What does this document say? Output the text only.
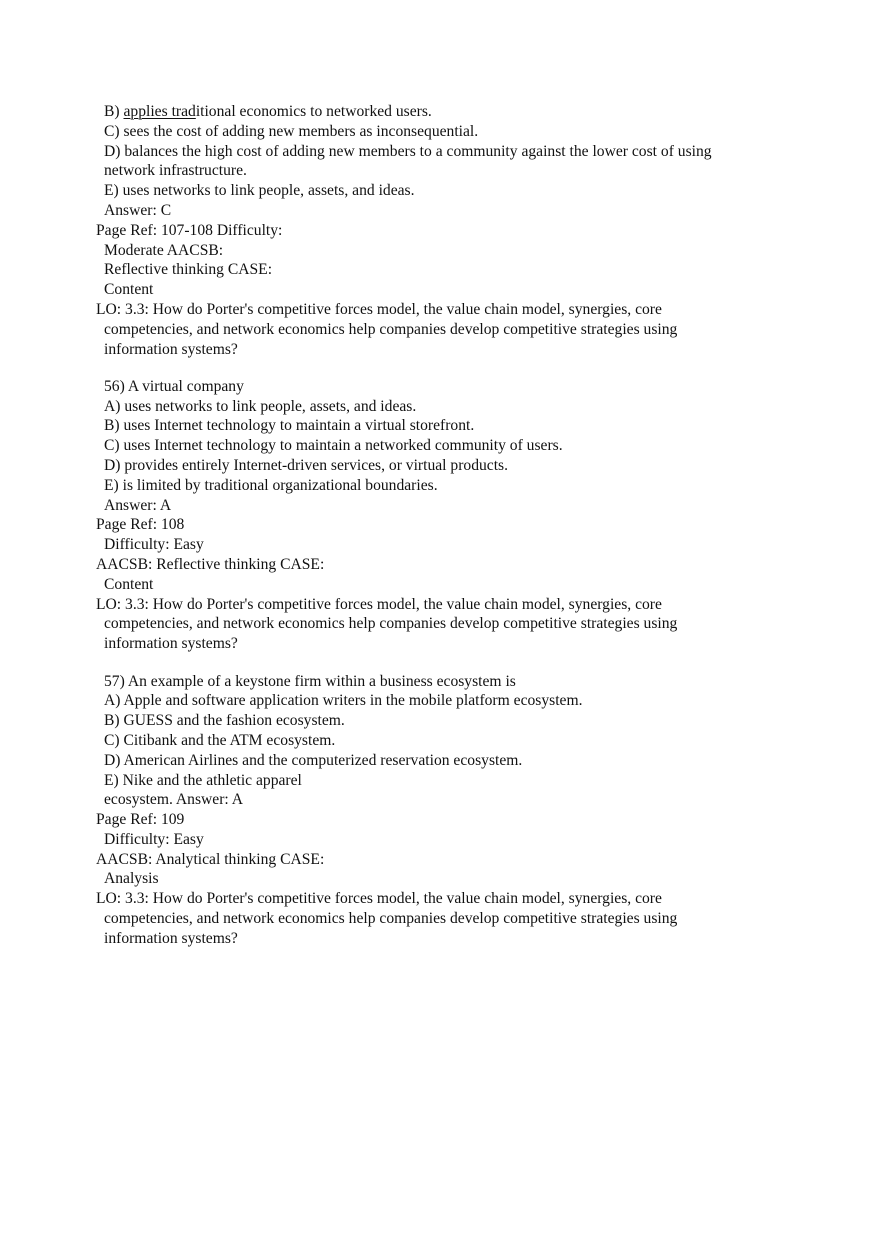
B) applies traditional economics to networked users.
C) sees the cost of adding new members as inconsequential.
D) balances the high cost of adding new members to a community against the lower cost of using
network infrastructure.
E) uses networks to link people, assets, and ideas.
Answer: C
Page Ref: 107-108 Difficulty:
Moderate AACSB:
Reflective thinking CASE:
Content
LO: 3.3: How do Porter's competitive forces model, the value chain model, synergies, core
competencies, and network economics help companies develop competitive strategies using
information systems?
56) A virtual company
A) uses networks to link people, assets, and ideas.
B) uses Internet technology to maintain a virtual storefront.
C) uses Internet technology to maintain a networked community of users.
D) provides entirely Internet-driven services, or virtual products.
E) is limited by traditional organizational boundaries.
Answer: A
Page Ref: 108
Difficulty: Easy
AACSB: Reflective thinking CASE:
Content
LO: 3.3: How do Porter's competitive forces model, the value chain model, synergies, core
competencies, and network economics help companies develop competitive strategies using
information systems?
57) An example of a keystone firm within a business ecosystem is
A) Apple and software application writers in the mobile platform ecosystem.
B) GUESS and the fashion ecosystem.
C) Citibank and the ATM ecosystem.
D) American Airlines and the computerized reservation ecosystem.
E) Nike and the athletic apparel
ecosystem. Answer: A
Page Ref: 109
Difficulty: Easy
AACSB: Analytical thinking CASE:
Analysis
LO: 3.3: How do Porter's competitive forces model, the value chain model, synergies, core
competencies, and network economics help companies develop competitive strategies using
information systems?
